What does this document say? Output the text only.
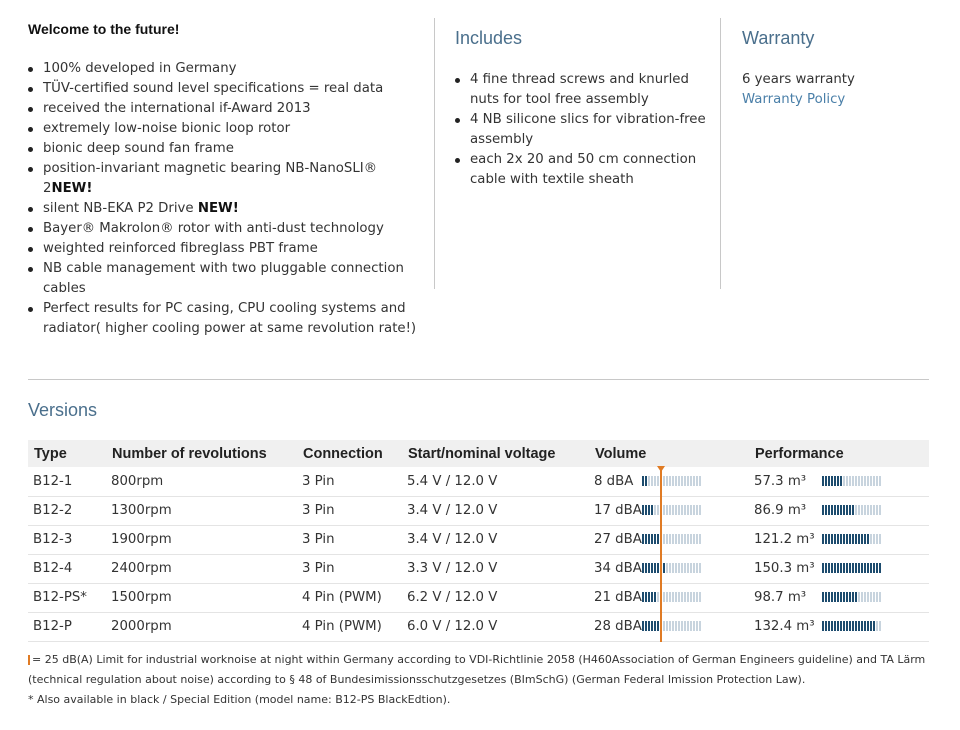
Welcome to the future!
100% developed in Germany
TÜV-certified sound level specifications = real data
received the international if-Award 2013
extremely low-noise bionic loop rotor
bionic deep sound fan frame
position-invariant magnetic bearing NB-NanoSLI® 2NEW!
silent NB-EKA P2 Drive NEW!
Bayer® Makrolon® rotor with anti-dust technology
weighted reinforced fibreglass PBT frame
NB cable management with two pluggable connection cables
Perfect results for PC casing, CPU cooling systems and radiator( higher cooling power at same revolution rate!)
Includes
4 fine thread screws and knurled nuts for tool free assembly
4 NB silicone slics for vibration-free assembly
each 2x 20 and 50 cm connection cable with textile sheath
Warranty
6 years warranty
Warranty Policy
Versions
Type	Number of revolutions	Connection	Start/nominal voltage	Volume	Performance
B12-1	800rpm	3 Pin	5.4 V / 12.0 V	8 dBA	57.3 m³
B12-2	1300rpm	3 Pin	3.4 V / 12.0 V	17 dBA	86.9 m³
B12-3	1900rpm	3 Pin	3.4 V / 12.0 V	27 dBA	121.2 m³
B12-4	2400rpm	3 Pin	3.3 V / 12.0 V	34 dBA	150.3 m³
B12-PS*	1500rpm	4 Pin (PWM)	6.2 V / 12.0 V	21 dBA	98.7 m³
B12-P	2000rpm	4 Pin (PWM)	6.0 V / 12.0 V	28 dBA	132.4 m³
= 25 dB(A) Limit for industrial worknoise at night within Germany according to VDI-Richtlinie 2058 (H460Association of German Engineers guideline) and TA Lärm (technical regulation about noise) according to § 48 of Bundesimissionsschutzgesetzes (BImSchG) (German Federal Imission Protection Law).
* Also available in black / Special Edition (model name: B12-PS BlackEdtion).
